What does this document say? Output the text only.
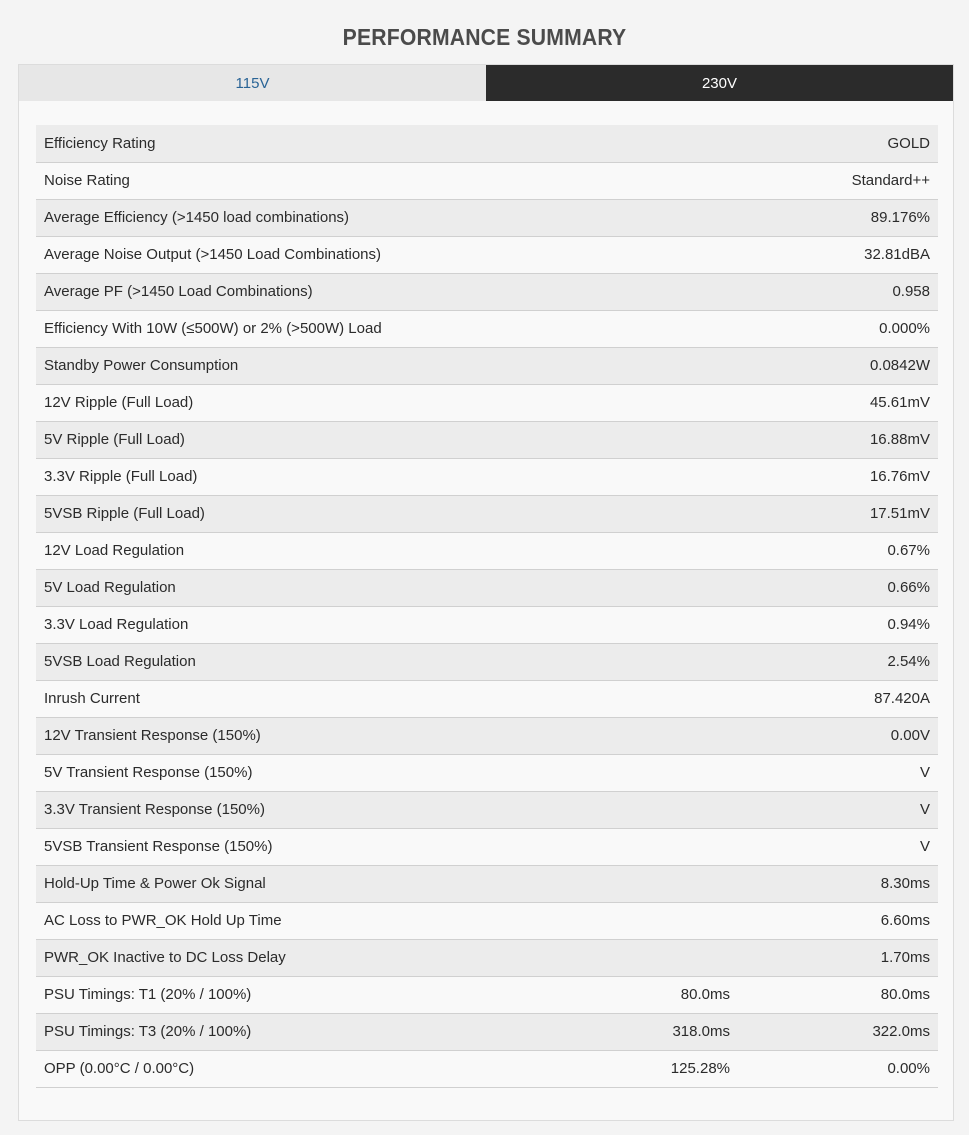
PERFORMANCE SUMMARY
115V	230V
Efficiency Rating		GOLD
Noise Rating		Standard++
Average Efficiency (>1450 load combinations)		89.176%
Average Noise Output (>1450 Load Combinations)		32.81dBA
Average PF (>1450 Load Combinations)		0.958
Efficiency With 10W (≤500W) or 2% (>500W) Load		0.000%
Standby Power Consumption		0.0842W
12V Ripple (Full Load)		45.61mV
5V Ripple (Full Load)		16.88mV
3.3V Ripple (Full Load)		16.76mV
5VSB Ripple (Full Load)		17.51mV
12V Load Regulation		0.67%
5V Load Regulation		0.66%
3.3V Load Regulation		0.94%
5VSB Load Regulation		2.54%
Inrush Current		87.420A
12V Transient Response (150%)		0.00V
5V Transient Response (150%)		V
3.3V Transient Response (150%)		V
5VSB Transient Response (150%)		V
Hold-Up Time & Power Ok Signal		8.30ms
AC Loss to PWR_OK Hold Up Time		6.60ms
PWR_OK Inactive to DC Loss Delay		1.70ms
PSU Timings: T1 (20% / 100%)	80.0ms	80.0ms
PSU Timings: T3 (20% / 100%)	318.0ms	322.0ms
OPP (0.00°C / 0.00°C)	125.28%	0.00%
